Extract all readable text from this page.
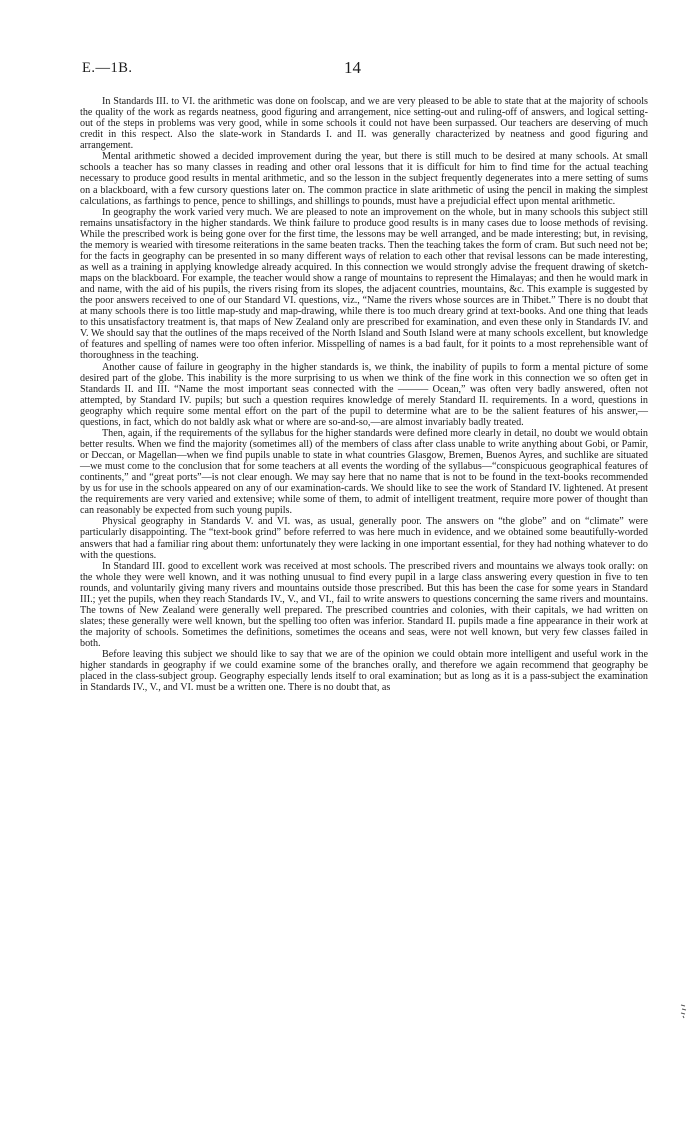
E.—1B.	14

In Standards III. to VI. the arithmetic was done on foolscap, and we are very pleased to be able to state that at the majority of schools the quality of the work as regards neatness, good figuring and arrangement, nice setting-out and ruling-off of answers, and logical setting-out of the steps in problems was very good, while in some schools it could not have been surpassed. Our teachers are deserving of much credit in this respect. Also the slate-work in Standards I. and II. was generally characterized by neatness and good figuring and arrangement.

Mental arithmetic showed a decided improvement during the year, but there is still much to be desired at many schools. At small schools a teacher has so many classes in reading and other oral lessons that it is difficult for him to find time for the actual teaching necessary to produce good results in mental arithmetic, and so the lesson in the subject frequently degenerates into a mere setting of sums on a blackboard, with a few cursory questions later on. The common practice in slate arithmetic of using the pencil in making the simplest calculations, as farthings to pence, pence to shillings, and shillings to pounds, must have a prejudicial effect upon mental arithmetic.

In geography the work varied very much. We are pleased to note an improvement on the whole, but in many schools this subject still remains unsatisfactory in the higher standards. We think failure to produce good results is in many cases due to loose methods of revising. While the prescribed work is being gone over for the first time, the lessons may be well arranged, and be made interesting; but, in revising, the memory is wearied with tiresome reiterations in the same beaten tracks. Then the teaching takes the form of cram. But such need not be; for the facts in geography can be presented in so many different ways of relation to each other that revisal lessons can be made interesting, as well as a training in applying knowledge already acquired. In this connection we would strongly advise the frequent drawing of sketch-maps on the blackboard. For example, the teacher would show a range of mountains to represent the Himalayas; and then he would mark in and name, with the aid of his pupils, the rivers rising from its slopes, the adjacent countries, mountains, &c. This example is suggested by the poor answers received to one of our Standard VI. questions, viz., “Name the rivers whose sources are in Thibet.” There is no doubt that at many schools there is too little map-study and map-drawing, while there is too much dreary grind at text-books. And one thing that leads to this unsatisfactory treatment is, that maps of New Zealand only are prescribed for examination, and even these only in Standards IV. and V. We should say that the outlines of the maps received of the North Island and South Island were at many schools excellent, but knowledge of features and spelling of names were too often inferior. Misspelling of names is a bad fault, for it points to a most reprehensible want of thoroughness in the teaching.

Another cause of failure in geography in the higher standards is, we think, the inability of pupils to form a mental picture of some desired part of the globe. This inability is the more surprising to us when we think of the fine work in this connection we so often get in Standards II. and III. “Name the most important seas connected with the ——— Ocean,” was often very badly answered, often not attempted, by Standard IV. pupils; but such a question requires knowledge of merely Standard II. requirements. In a word, questions in geography which require some mental effort on the part of the pupil to determine what are to be the salient features of his answer,—questions, in fact, which do not baldly ask what or where are so-and-so,—are almost invariably badly treated.

Then, again, if the requirements of the syllabus for the higher standards were defined more clearly in detail, no doubt we would obtain better results. When we find the majority (sometimes all) of the members of class after class unable to write anything about Gobi, or Pamir, or Deccan, or Magellan—when we find pupils unable to state in what countries Glasgow, Bremen, Buenos Ayres, and suchlike are situated—we must come to the conclusion that for some teachers at all events the wording of the syllabus—“conspicuous geographical features of continents,” and “great ports”—is not clear enough. We may say here that no name that is not to be found in the text-books recommended by us for use in the schools appeared on any of our examination-cards. We should like to see the work of Standard IV. lightened. At present the requirements are very varied and extensive; while some of them, to admit of intelligent treatment, require more power of thought than can reasonably be expected from such young pupils.

Physical geography in Standards V. and VI. was, as usual, generally poor. The answers on “the globe” and on “climate” were particularly disappointing. The “text-book grind” before referred to was here much in evidence, and we obtained some beautifully-worded answers that had a familiar ring about them: unfortunately they were lacking in one important essential, for they had nothing whatever to do with the questions.

In Standard III. good to excellent work was received at most schools. The prescribed rivers and mountains we always took orally: on the whole they were well known, and it was nothing unusual to find every pupil in a large class answering every question in five to ten rounds, and voluntarily giving many rivers and mountains outside those prescribed. But this has been the case for some years in Standard III.; yet the pupils, when they reach Standards IV., V., and VI., fail to write answers to questions concerning the same rivers and mountains. The towns of New Zealand were generally well prepared. The prescribed countries and colonies, with their capitals, we had written on slates; these generally were well known, but the spelling too often was inferior. Standard II. pupils made a fine appearance in their work at the majority of schools. Sometimes the definitions, sometimes the oceans and seas, were not well known, but very few classes failed in both.

Before leaving this subject we should like to say that we are of the opinion we could obtain more intelligent and useful work in the higher standards in geography if we could examine some of the branches orally, and therefore we again recommend that geography be placed in the class-subject group. Geography especially lends itself to oral examination; but as long as it is a pass-subject the examination in Standards IV., V., and VI. must be a written one. There is no doubt that, as
